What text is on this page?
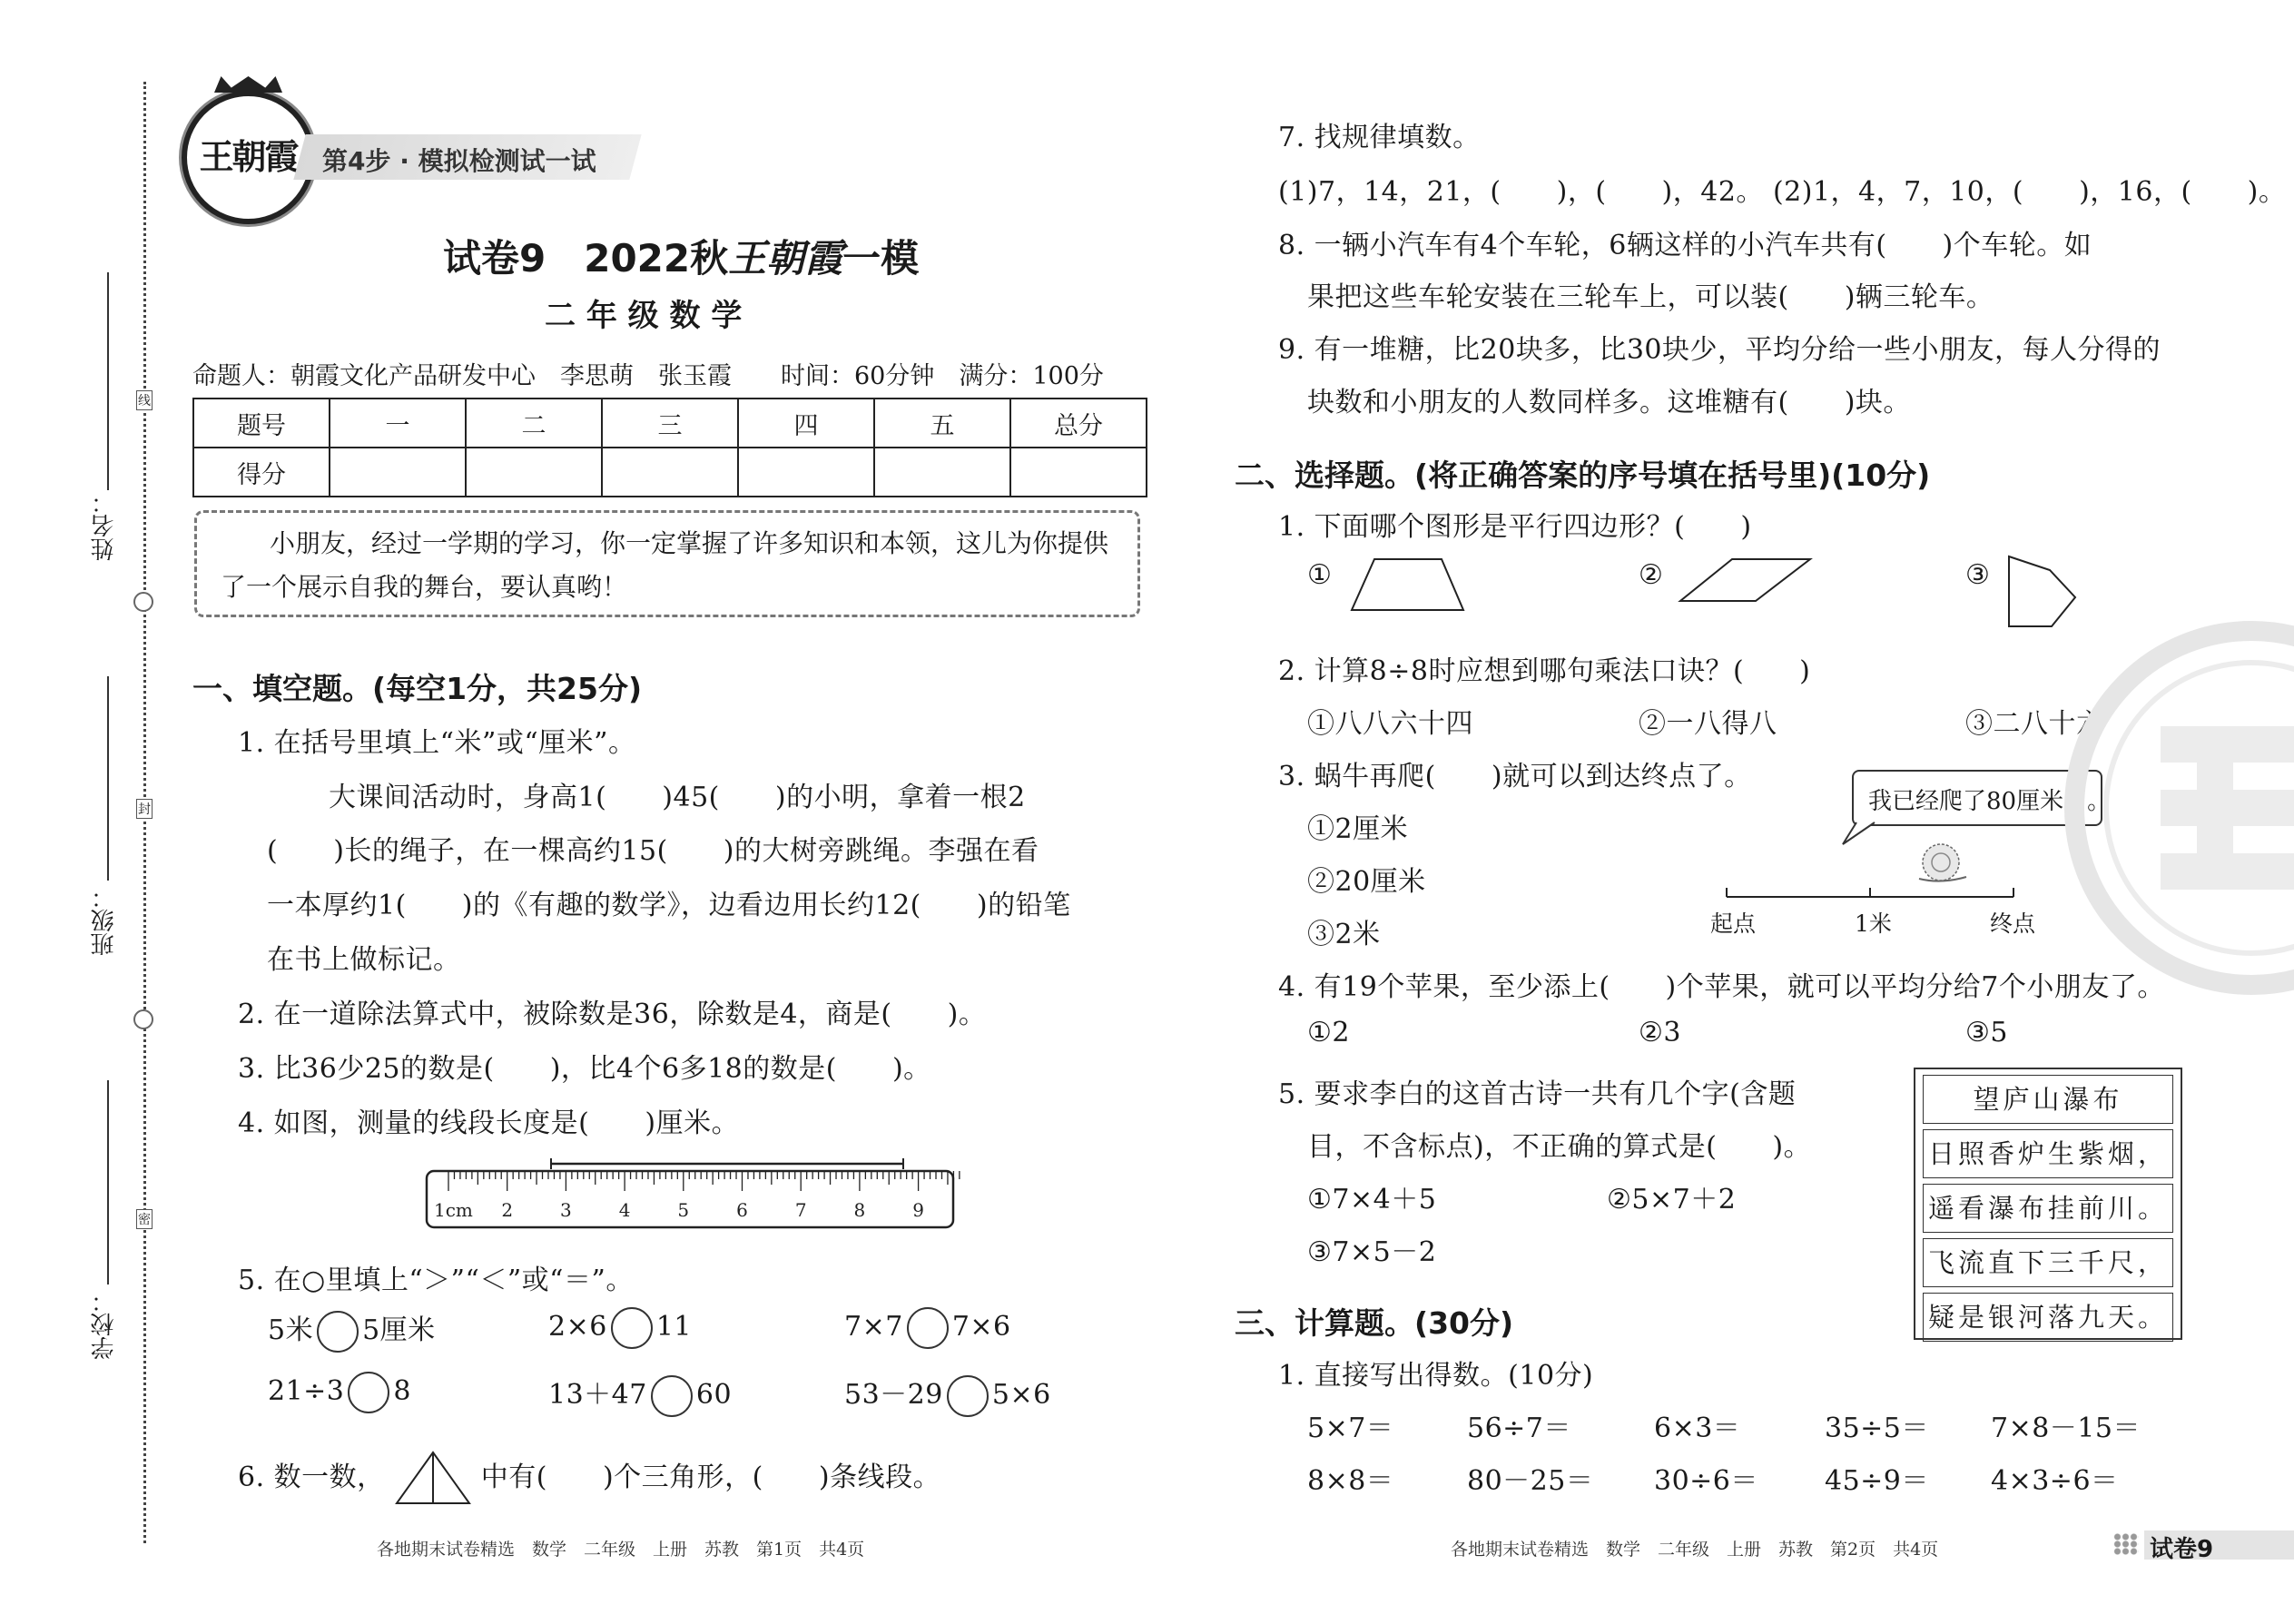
姓名：
班级：
学校：
线
封
密
王朝霞 第4步 · 模拟检测试一试
试卷9　2022秋王朝霞一模
二 年 级 数 学
命题人：朝霞文化产品研发中心　李思萌　张玉霞　　时间：60分钟　满分：100分
题号	一	二	三	四	五	总分
得分						
小朋友，经过一学期的学习，你一定掌握了许多知识和本领，这儿为你提供
了一个展示自我的舞台，要认真哟！
一、填空题。(每空1分，共25分)
1. 在括号里填上“米”或“厘米”。
大课间活动时，身高1(　　)45(　　)的小明，拿着一根2
(　　)长的绳子，在一棵高约15(　　)的大树旁跳绳。李强在看
一本厚约1(　　)的《有趣的数学》，边看边用长约12(　　)的铅笔
在书上做标记。
2. 在一道除法算式中，被除数是36，除数是4，商是(　　)。
3. 比36少25的数是(　　)，比4个6多18的数是(　　)。
4. 如图，测量的线段长度是(　　)厘米。
1cm 2	3	4	5	6	7	8	9
5. 在○里填上“＞”“＜”或“＝”。
5米 5厘米	2×6 11	7×7 7×6
21÷3 8	13＋47 60	53－29 5×6
6. 数一数，	中有(　　)个三角形，(　　)条线段。
7. 找规律填数。
(1)7，14，21，(　　)，(　　)，42。 (2)1，4，7，10，(　　)，16，(　　)。
8. 一辆小汽车有4个车轮，6辆这样的小汽车共有(　　)个车轮。如
果把这些车轮安装在三轮车上，可以装(　　)辆三轮车。
9. 有一堆糖，比20块多，比30块少，平均分给一些小朋友，每人分得的
块数和小朋友的人数同样多。这堆糖有(　　)块。
二、选择题。(将正确答案的序号填在括号里)(10分)
1. 下面哪个图形是平行四边形？(　　)
①	②	③
2. 计算8÷8时应想到哪句乘法口诀？(　　)
①八八六十四	②一八得八	③二八十六
3. 蜗牛再爬(　　)就可以到达终点了。
①2厘米
②20厘米
③2米
我已经爬了80厘米了。
起点	1米	终点
4. 有19个苹果，至少添上(　　)个苹果，就可以平均分给7个小朋友了。
①2	②3	③5
5. 要求李白的这首古诗一共有几个字(含题
目，不含标点)，不正确的算式是(　　)。
①7×4＋5	②5×7＋2
③7×5－2
望庐山瀑布
日照香炉生紫烟，
遥看瀑布挂前川。
飞流直下三千尺，
疑是银河落九天。
三、计算题。(30分)
1. 直接写出得数。(10分)
5×7＝	56÷7＝	6×3＝	35÷5＝ 7×8－15＝
8×8＝	80－25＝ 30÷6＝ 45÷9＝ 4×3÷6＝
各地期末试卷精选　数学　二年级　上册　苏教　第1页　共4页	各地期末试卷精选　数学　二年级　上册　苏教　第2页　共4页	试卷9
